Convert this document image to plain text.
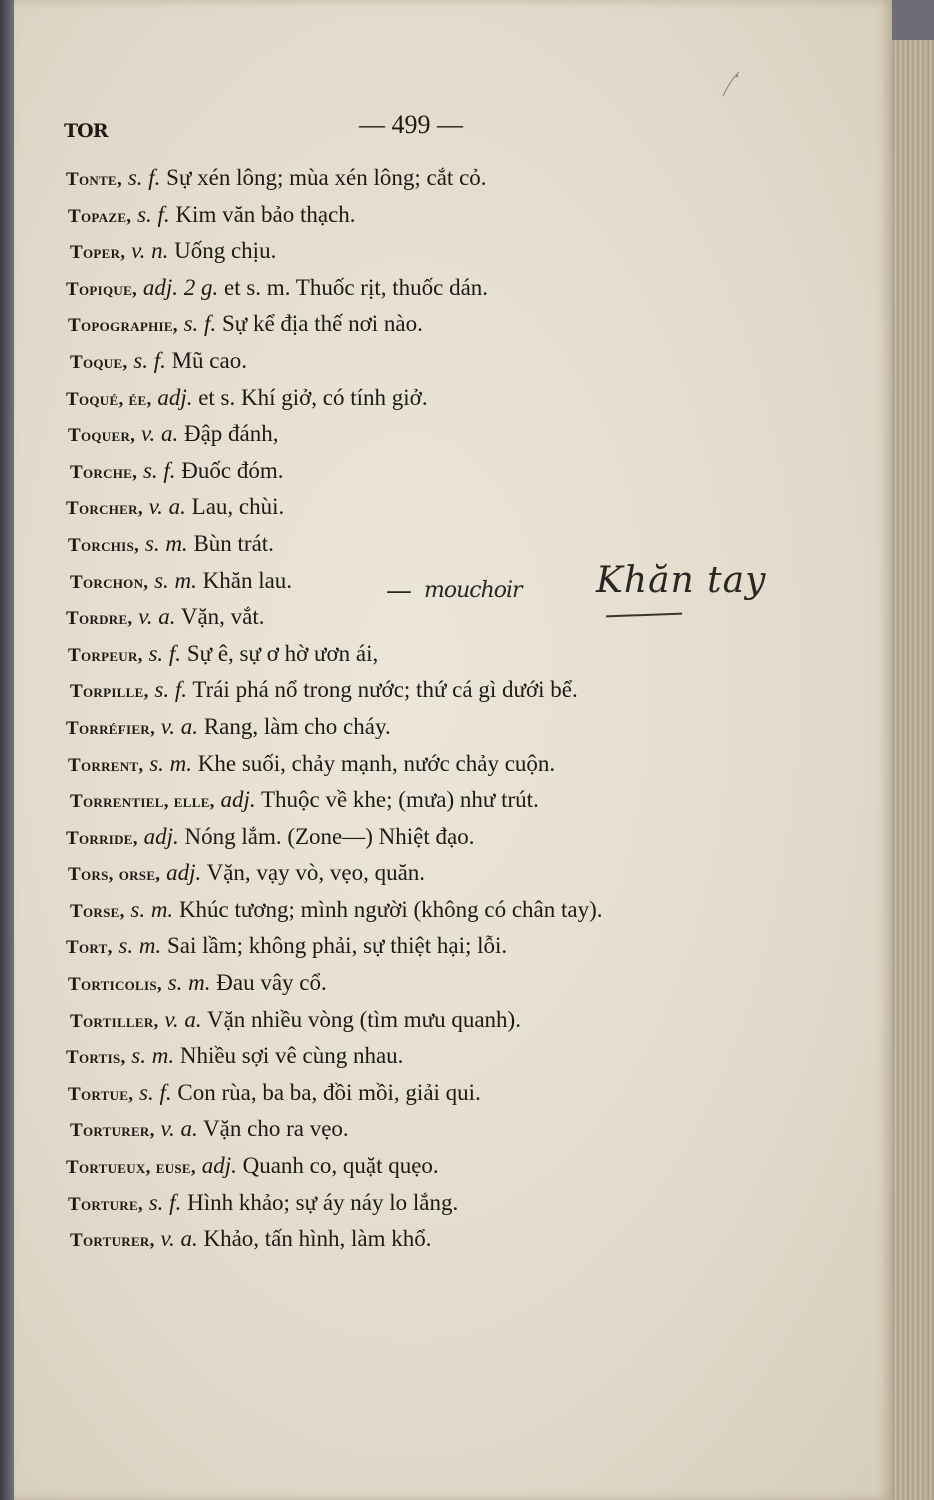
TOR	— 499 —
Tonte, s. f. Sự xén lông; mùa xén lông; cắt cỏ.
Topaze, s. f. Kim văn bảo thạch.
Toper, v. n. Uống chịu.
Topique, adj. 2 g. et s. m. Thuốc rịt, thuốc dán.
Topographie, s. f. Sự kể địa thế nơi nào.
Toque, s. f. Mũ cao.
Toqué, ée, adj. et s. Khí giở, có tính giở.
Toquer, v. a. Đập đánh,
Torche, s. f. Đuốc đóm.
Torcher, v. a. Lau, chùi.
Torchis, s. m. Bùn trát.
Torchon, s. m. Khăn lau.
Tordre, v. a. Vặn, vắt.
Torpeur, s. f. Sự ê, sự ơ hờ ươn ái,
Torpille, s. f. Trái phá nổ trong nước; thứ cá gì dưới bể.
Torréfier, v. a. Rang, làm cho cháy.
Torrent, s. m. Khe suối, chảy mạnh, nước chảy cuộn.
Torrentiel, elle, adj. Thuộc về khe; (mưa) như trút.
Torride, adj. Nóng lắm. (Zone—) Nhiệt đạo.
Tors, orse, adj. Vặn, vạy vò, vẹo, quăn.
Torse, s. m. Khúc tương; mình người (không có chân tay).
Tort, s. m. Sai lầm; không phải, sự thiệt hại; lỗi.
Torticolis, s. m. Đau vây cổ.
Tortiller, v. a. Vặn nhiều vòng (tìm mưu quanh).
Tortis, s. m. Nhiều sợi vê cùng nhau.
Tortue, s. f. Con rùa, ba ba, đồi mồi, giải qui.
Torturer, v. a. Vặn cho ra vẹo.
Tortueux, euse, adj. Quanh co, quặt quẹo.
Torture, s. f. Hình khảo; sự áy náy lo lắng.
Torturer, v. a. Khảo, tấn hình, làm khổ.
— mouchoir Khăn tay
